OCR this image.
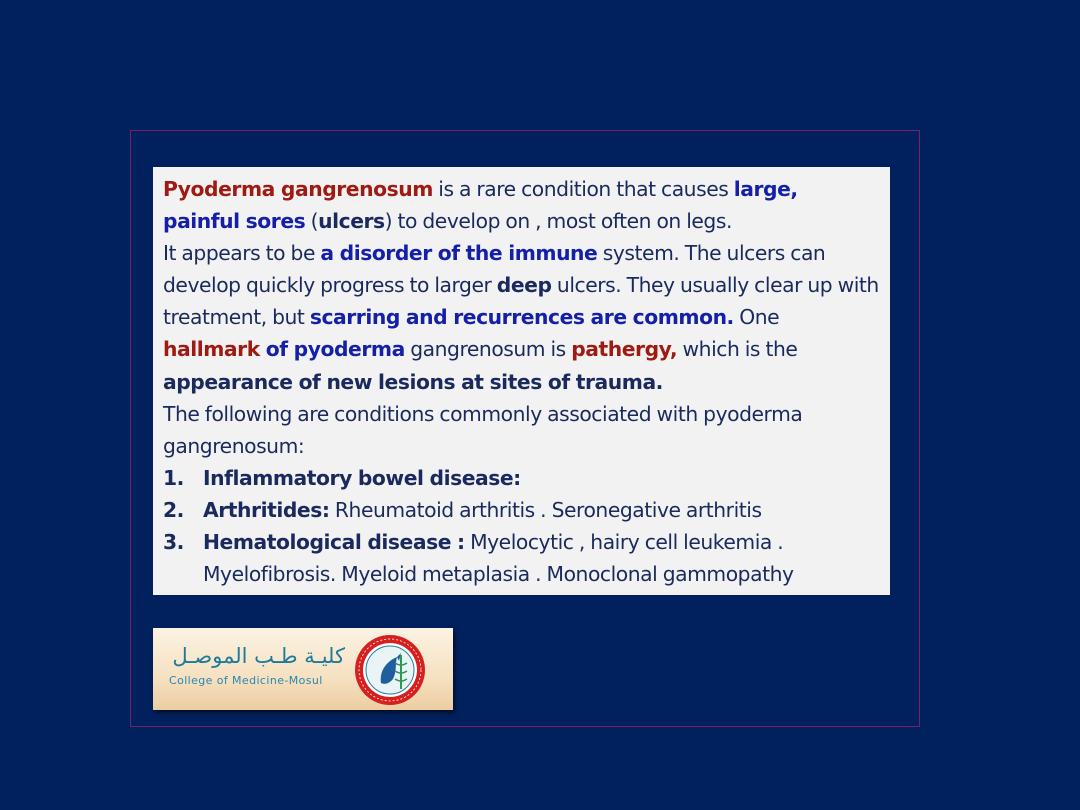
Pyoderma gangrenosum is a rare condition that causes large, painful sores (ulcers) to develop on , most often on legs.

It appears to be a disorder of the immune system. The ulcers can develop quickly progress to larger deep ulcers. They usually clear up with treatment, but scarring and recurrences are common. One hallmark of pyoderma gangrenosum is pathergy, which is the appearance of new lesions at sites of trauma.

The following are conditions commonly associated with pyoderma gangrenosum:

1. Inflammatory bowel disease:
2. Arthritides: Rheumatoid arthritis . Seronegative arthritis
3. Hematological disease : Myelocytic , hairy cell leukemia . Myelofibrosis. Myeloid metaplasia . Monoclonal gammopathy
كليـة طـب الموصـل
College of Medicine-Mosul
